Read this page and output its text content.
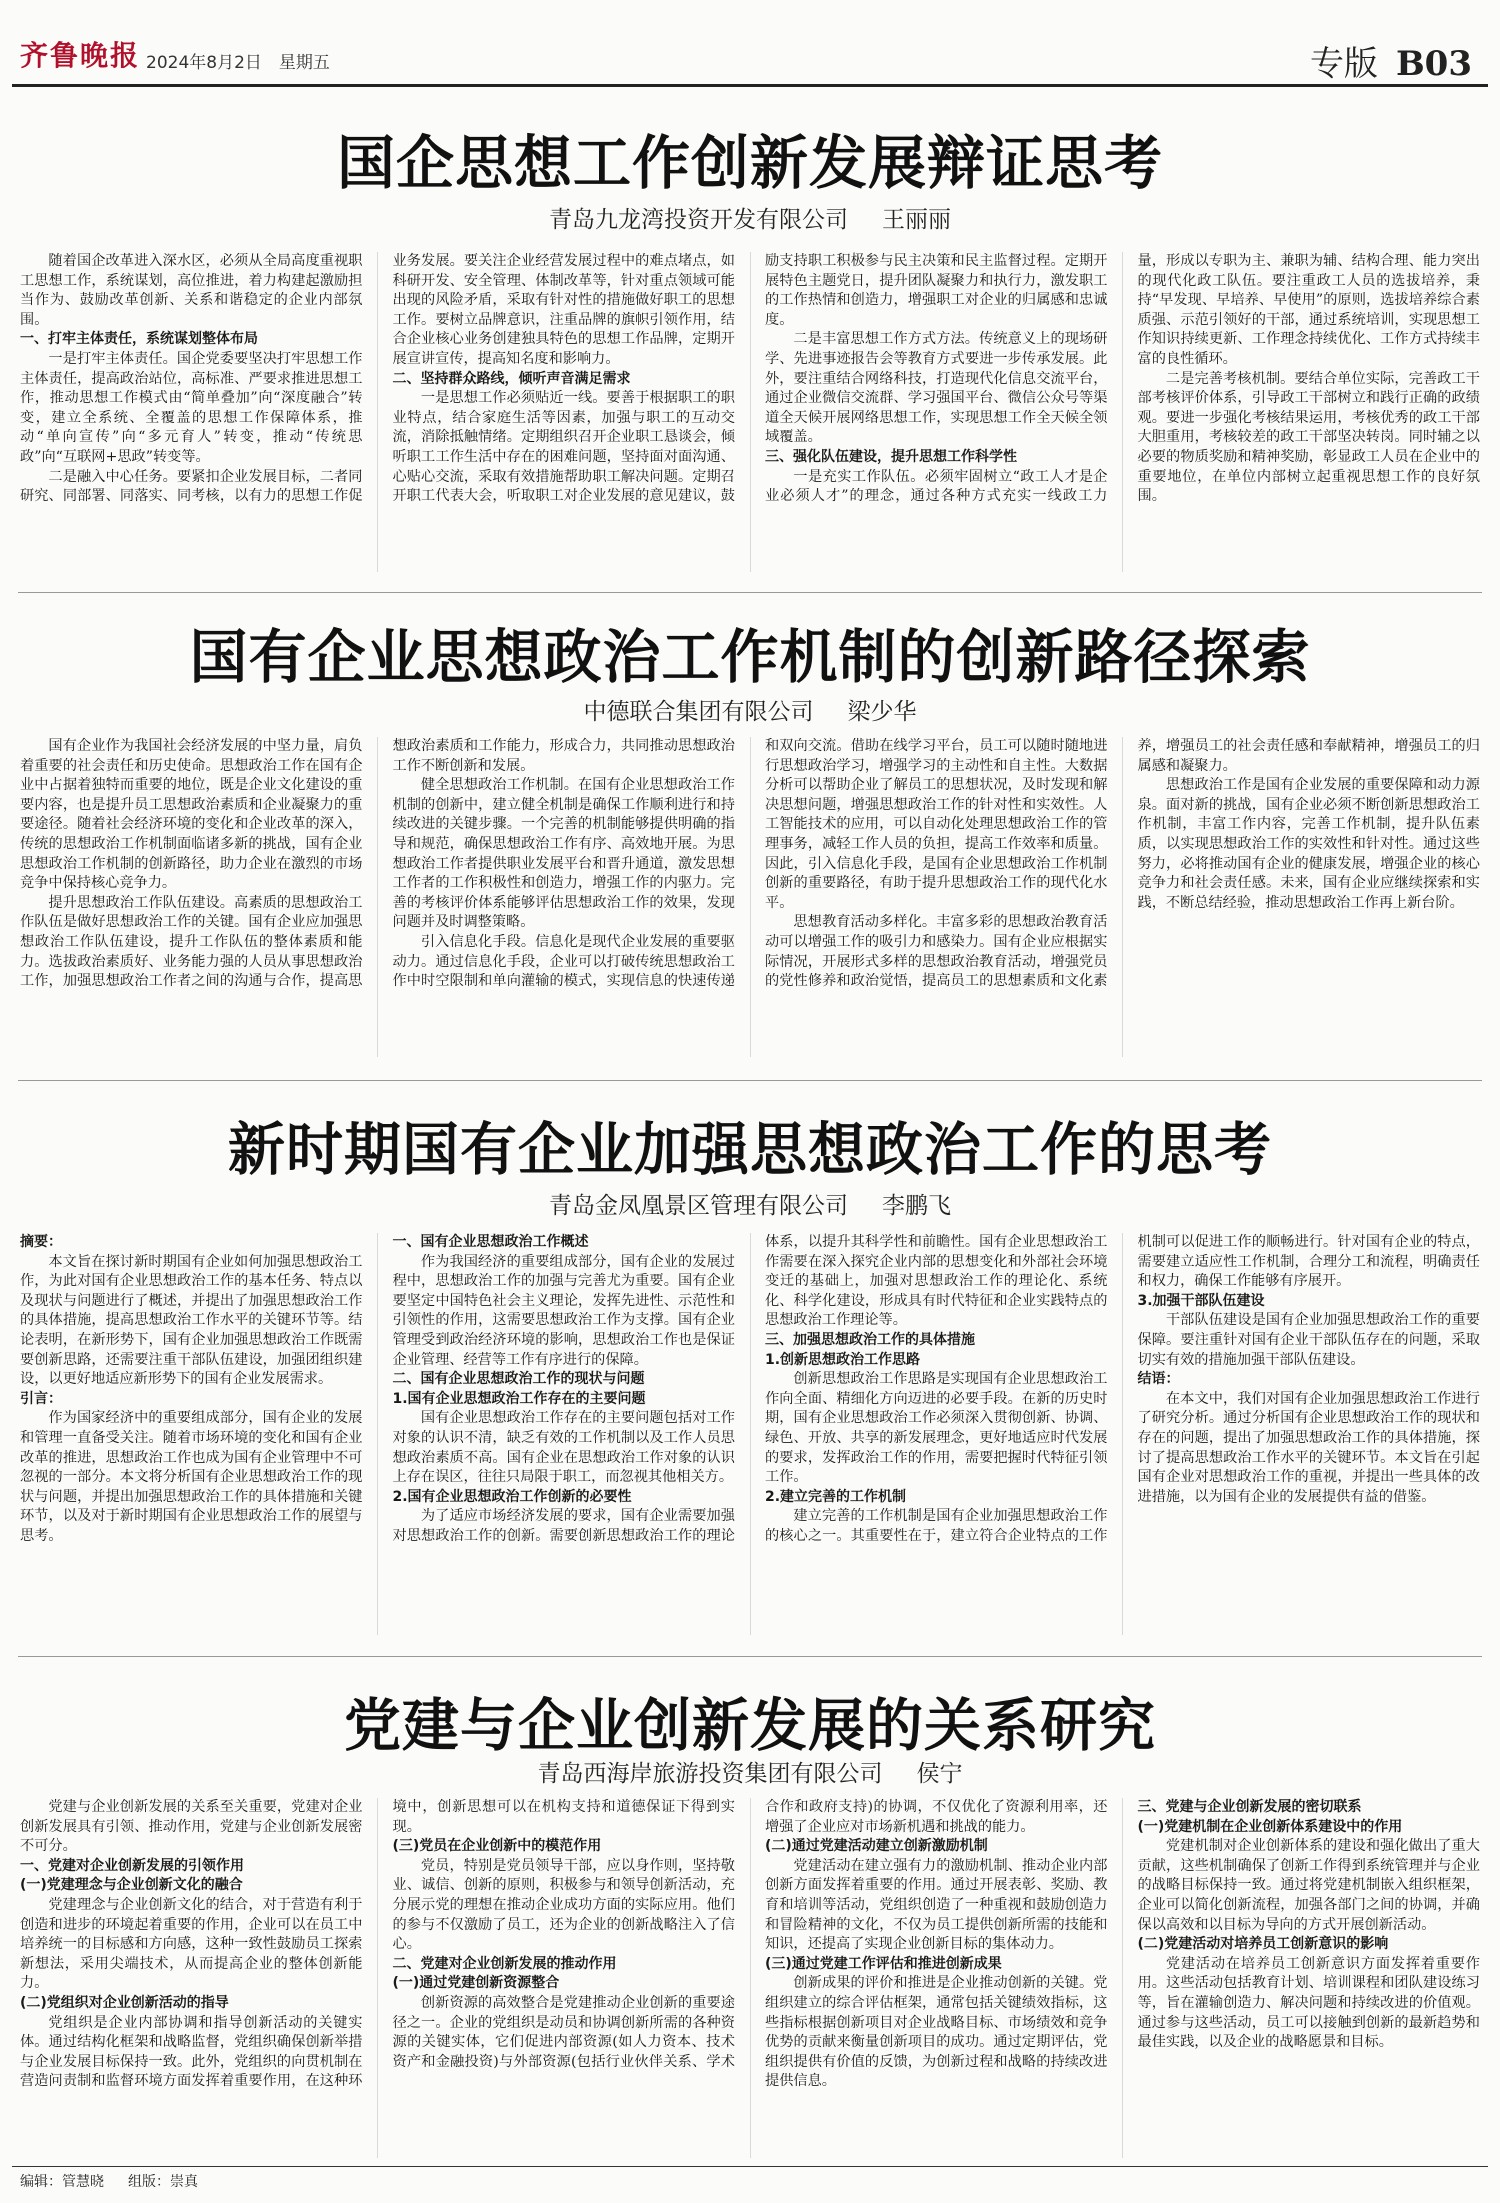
齐鲁晚报 2024年8月2日　星期五	专版 B03
国企思想工作创新发展辩证思考
青岛九龙湾投资开发有限公司 王丽丽

随着国企改革进入深水区，必须从全局高度重视职工思想工作，系统谋划，高位推进，着力构建起激励担当作为、鼓励改革创新、关系和谐稳定的企业内部氛围。

一、打牢主体责任，系统谋划整体布局

一是打牢主体责任。国企党委要坚决打牢思想工作主体责任，提高政治站位，高标准、严要求推进思想工作，推动思想工作模式由“简单叠加”向“深度融合”转变，建立全系统、全覆盖的思想工作保障体系，推动“单向宣传”向“多元育人”转变，推动“传统思政”向“互联网+思政”转变等。

二是融入中心任务。要紧扣企业发展目标，二者同研究、同部署、同落实、同考核，以有力的思想工作促业务发展。要关注企业经营发展过程中的难点堵点，如科研开发、安全管理、体制改革等，针对重点领域可能出现的风险矛盾，采取有针对性的措施做好职工的思想工作。要树立品牌意识，注重品牌的旗帜引领作用，结合企业核心业务创建独具特色的思想工作品牌，定期开展宣讲宣传，提高知名度和影响力。

二、坚持群众路线，倾听声音满足需求

一是思想工作必须贴近一线。要善于根据职工的职业特点，结合家庭生活等因素，加强与职工的互动交流，消除抵触情绪。定期组织召开企业职工恳谈会，倾听职工工作生活中存在的困难问题，坚持面对面沟通、心贴心交流，采取有效措施帮助职工解决问题。定期召开职工代表大会，听取职工对企业发展的意见建议，鼓励支持职工积极参与民主决策和民主监督过程。定期开展特色主题党日，提升团队凝聚力和执行力，激发职工的工作热情和创造力，增强职工对企业的归属感和忠诚度。

二是丰富思想工作方式方法。传统意义上的现场研学、先进事迹报告会等教育方式要进一步传承发展。此外，要注重结合网络科技，打造现代化信息交流平台，通过企业微信交流群、学习强国平台、微信公众号等渠道全天候开展网络思想工作，实现思想工作全天候全领域覆盖。

三、强化队伍建设，提升思想工作科学性

一是充实工作队伍。必须牢固树立“政工人才是企业必须人才”的理念，通过各种方式充实一线政工力量，形成以专职为主、兼职为辅、结构合理、能力突出的现代化政工队伍。要注重政工人员的选拔培养，秉持“早发现、早培养、早使用”的原则，选拔培养综合素质强、示范引领好的干部，通过系统培训，实现思想工作知识持续更新、工作理念持续优化、工作方式持续丰富的良性循环。

二是完善考核机制。要结合单位实际，完善政工干部考核评价体系，引导政工干部树立和践行正确的政绩观。要进一步强化考核结果运用，考核优秀的政工干部大胆重用，考核较差的政工干部坚决转岗。同时辅之以必要的物质奖励和精神奖励，彰显政工人员在企业中的重要地位，在单位内部树立起重视思想工作的良好氛围。

国有企业思想政治工作机制的创新路径探索
中德联合集团有限公司 梁少华

国有企业作为我国社会经济发展的中坚力量，肩负着重要的社会责任和历史使命。思想政治工作在国有企业中占据着独特而重要的地位，既是企业文化建设的重要内容，也是提升员工思想政治素质和企业凝聚力的重要途径。随着社会经济环境的变化和企业改革的深入，传统的思想政治工作机制面临诸多新的挑战，国有企业思想政治工作机制的创新路径，助力企业在激烈的市场竞争中保持核心竞争力。

提升思想政治工作队伍建设。高素质的思想政治工作队伍是做好思想政治工作的关键。国有企业应加强思想政治工作队伍建设，提升工作队伍的整体素质和能力。选拔政治素质好、业务能力强的人员从事思想政治工作，加强思想政治工作者之间的沟通与合作，提高思想政治素质和工作能力，形成合力，共同推动思想政治工作不断创新和发展。

健全思想政治工作机制。在国有企业思想政治工作机制的创新中，建立健全机制是确保工作顺利进行和持续改进的关键步骤。一个完善的机制能够提供明确的指导和规范，确保思想政治工作有序、高效地开展。为思想政治工作者提供职业发展平台和晋升通道，激发思想工作者的工作积极性和创造力，增强工作的内驱力。完善的考核评价体系能够评估思想政治工作的效果，发现问题并及时调整策略。

引入信息化手段。信息化是现代企业发展的重要驱动力。通过信息化手段，企业可以打破传统思想政治工作中时空限制和单向灌输的模式，实现信息的快速传递和双向交流。借助在线学习平台，员工可以随时随地进行思想政治学习，增强学习的主动性和自主性。大数据分析可以帮助企业了解员工的思想状况，及时发现和解决思想问题，增强思想政治工作的针对性和实效性。人工智能技术的应用，可以自动化处理思想政治工作的管理事务，减轻工作人员的负担，提高工作效率和质量。因此，引入信息化手段，是国有企业思想政治工作机制创新的重要路径，有助于提升思想政治工作的现代化水平。

思想教育活动多样化。丰富多彩的思想政治教育活动可以增强工作的吸引力和感染力。国有企业应根据实际情况，开展形式多样的思想政治教育活动，增强党员的党性修养和政治觉悟，提高员工的思想素质和文化素养，增强员工的社会责任感和奉献精神，增强员工的归属感和凝聚力。

思想政治工作是国有企业发展的重要保障和动力源泉。面对新的挑战，国有企业必须不断创新思想政治工作机制，丰富工作内容，完善工作机制，提升队伍素质，以实现思想政治工作的实效性和针对性。通过这些努力，必将推动国有企业的健康发展，增强企业的核心竞争力和社会责任感。未来，国有企业应继续探索和实践，不断总结经验，推动思想政治工作再上新台阶。

新时期国有企业加强思想政治工作的思考
青岛金凤凰景区管理有限公司 李鹏飞

摘要：

本文旨在探讨新时期国有企业如何加强思想政治工作，为此对国有企业思想政治工作的基本任务、特点以及现状与问题进行了概述，并提出了加强思想政治工作的具体措施，提高思想政治工作水平的关键环节等。结论表明，在新形势下，国有企业加强思想政治工作既需要创新思路，还需要注重干部队伍建设，加强团组织建设，以更好地适应新形势下的国有企业发展需求。

引言：

作为国家经济中的重要组成部分，国有企业的发展和管理一直备受关注。随着市场环境的变化和国有企业改革的推进，思想政治工作也成为国有企业管理中不可忽视的一部分。本文将分析国有企业思想政治工作的现状与问题，并提出加强思想政治工作的具体措施和关键环节，以及对于新时期国有企业思想政治工作的展望与思考。

一、国有企业思想政治工作概述

作为我国经济的重要组成部分，国有企业的发展过程中，思想政治工作的加强与完善尤为重要。国有企业要坚定中国特色社会主义理论，发挥先进性、示范性和引领性的作用，这需要思想政治工作为支撑。国有企业管理受到政治经济环境的影响，思想政治工作也是保证企业管理、经营等工作有序进行的保障。

二、国有企业思想政治工作的现状与问题

1.国有企业思想政治工作存在的主要问题

国有企业思想政治工作存在的主要问题包括对工作对象的认识不清，缺乏有效的工作机制以及工作人员思想政治素质不高。国有企业在思想政治工作对象的认识上存在误区，往往只局限于职工，而忽视其他相关方。

2.国有企业思想政治工作创新的必要性

为了适应市场经济发展的要求，国有企业需要加强对思想政治工作的创新。需要创新思想政治工作的理论体系，以提升其科学性和前瞻性。国有企业思想政治工作需要在深入探究企业内部的思想变化和外部社会环境变迁的基础上，加强对思想政治工作的理论化、系统化、科学化建设，形成具有时代特征和企业实践特点的思想政治工作理论等。

三、加强思想政治工作的具体措施

1.创新思想政治工作思路

创新思想政治工作思路是实现国有企业思想政治工作向全面、精细化方向迈进的必要手段。在新的历史时期，国有企业思想政治工作必须深入贯彻创新、协调、绿色、开放、共享的新发展理念，更好地适应时代发展的要求，发挥政治工作的作用，需要把握时代特征引领工作。

2.建立完善的工作机制

建立完善的工作机制是国有企业加强思想政治工作的核心之一。其重要性在于，建立符合企业特点的工作机制可以促进工作的顺畅进行。针对国有企业的特点，需要建立适应性工作机制，合理分工和流程，明确责任和权力，确保工作能够有序展开。

3.加强干部队伍建设

干部队伍建设是国有企业加强思想政治工作的重要保障。要注重针对国有企业干部队伍存在的问题，采取切实有效的措施加强干部队伍建设。

结语：

在本文中，我们对国有企业加强思想政治工作进行了研究分析。通过分析国有企业思想政治工作的现状和存在的问题，提出了加强思想政治工作的具体措施，探讨了提高思想政治工作水平的关键环节。本文旨在引起国有企业对思想政治工作的重视，并提出一些具体的改进措施，以为国有企业的发展提供有益的借鉴。

党建与企业创新发展的关系研究
青岛西海岸旅游投资集团有限公司 侯宁

党建与企业创新发展的关系至关重要，党建对企业创新发展具有引领、推动作用，党建与企业创新发展密不可分。

一、党建对企业创新发展的引领作用

(一)党建理念与企业创新文化的融合

党建理念与企业创新文化的结合，对于营造有利于创造和进步的环境起着重要的作用，企业可以在员工中培养统一的目标感和方向感，这种一致性鼓励员工探索新想法，采用尖端技术，从而提高企业的整体创新能力。

(二)党组织对企业创新活动的指导

党组织是企业内部协调和指导创新活动的关键实体。通过结构化框架和战略监督，党组织确保创新举措与企业发展目标保持一致。此外，党组织的向贯机制在营造问责制和监督环境方面发挥着重要作用，在这种环境中，创新思想可以在机构支持和道德保证下得到实现。

(三)党员在企业创新中的模范作用

党员，特别是党员领导干部，应以身作则，坚持敬业、诚信、创新的原则，积极参与和领导创新活动，充分展示党的理想在推动企业成功方面的实际应用。他们的参与不仅激励了员工，还为企业的创新战略注入了信心。

二、党建对企业创新发展的推动作用

(一)通过党建创新资源整合

创新资源的高效整合是党建推动企业创新的重要途径之一。企业的党组织是动员和协调创新所需的各种资源的关键实体，它们促进内部资源(如人力资本、技术资产和金融投资)与外部资源(包括行业伙伴关系、学术合作和政府支持)的协调，不仅优化了资源利用率，还增强了企业应对市场新机遇和挑战的能力。

(二)通过党建活动建立创新激励机制

党建活动在建立强有力的激励机制、推动企业内部创新方面发挥着重要的作用。通过开展表彰、奖励、教育和培训等活动，党组织创造了一种重视和鼓励创造力和冒险精神的文化，不仅为员工提供创新所需的技能和知识，还提高了实现企业创新目标的集体动力。

(三)通过党建工作评估和推进创新成果

创新成果的评价和推进是企业推动创新的关键。党组织建立的综合评估框架，通常包括关键绩效指标，这些指标根据创新项目对企业战略目标、市场绩效和竞争优势的贡献来衡量创新项目的成功。通过定期评估，党组织提供有价值的反馈，为创新过程和战略的持续改进提供信息。

三、党建与企业创新发展的密切联系

(一)党建机制在企业创新体系建设中的作用

党建机制对企业创新体系的建设和强化做出了重大贡献，这些机制确保了创新工作得到系统管理并与企业的战略目标保持一致。通过将党建机制嵌入组织框架，企业可以简化创新流程，加强各部门之间的协调，并确保以高效和以目标为导向的方式开展创新活动。

(二)党建活动对培养员工创新意识的影响

党建活动在培养员工创新意识方面发挥着重要作用。这些活动包括教育计划、培训课程和团队建设练习等，旨在灌输创造力、解决问题和持续改进的价值观。通过参与这些活动，员工可以接触到创新的最新趋势和最佳实践，以及企业的战略愿景和目标。

编辑：管慧晓 组版：崇真
